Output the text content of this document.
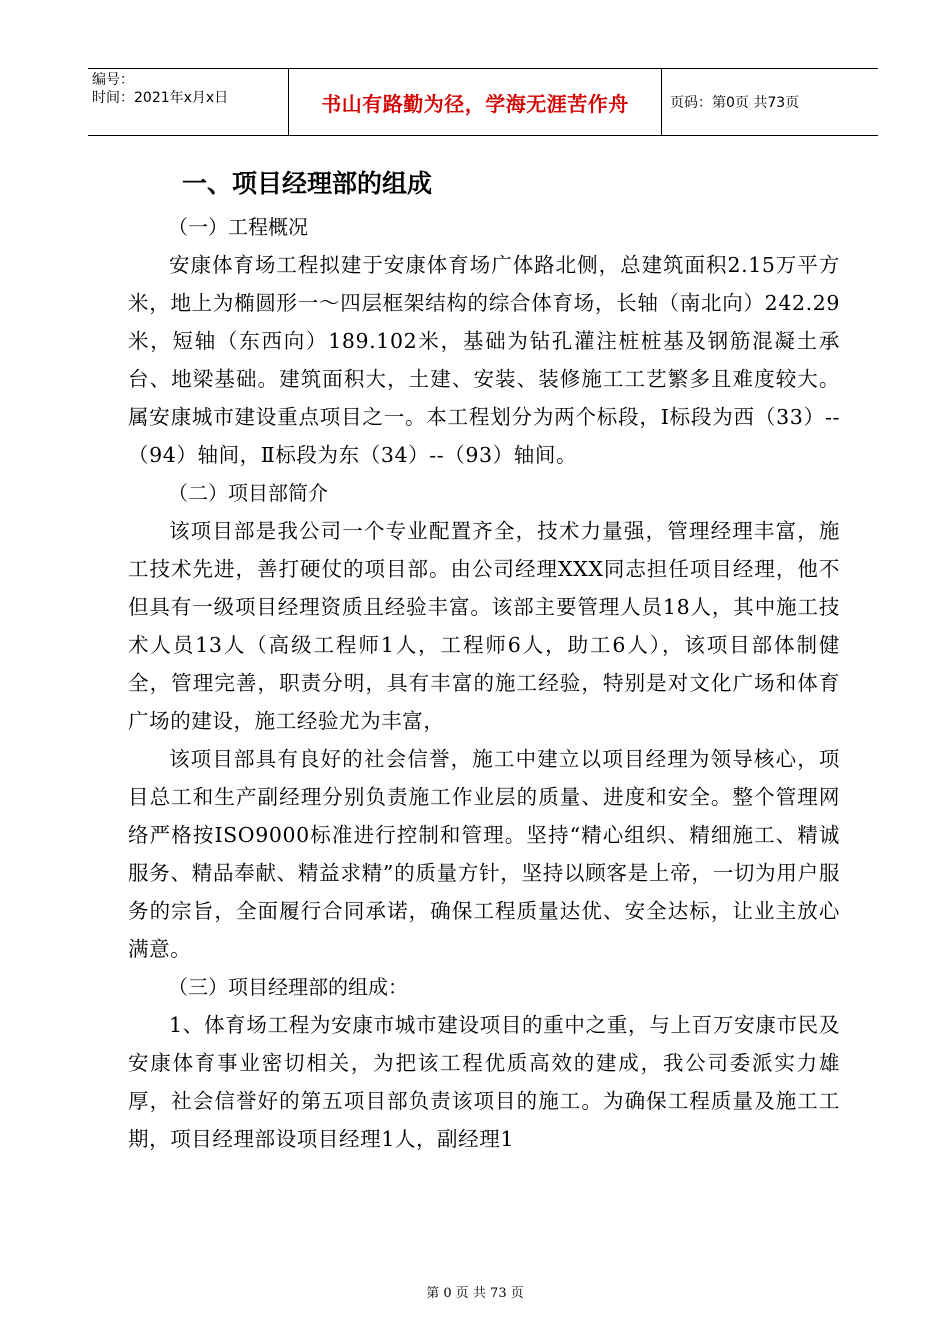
编号：
时间：2021年x月x日	书山有路勤为径，学海无涯苦作舟	页码：第0页 共73页
一、项目经理部的组成
（一）工程概况

安康体育场工程拟建于安康体育场广体路北侧，总建筑面积2.15万平方米，地上为椭圆形一～四层框架结构的综合体育场，长轴（南北向）242.29米，短轴（东西向）189.102米，基础为钻孔灌注桩桩基及钢筋混凝土承台、地梁基础。建筑面积大，土建、安装、装修施工工艺繁多且难度较大。属安康城市建设重点项目之一。本工程划分为两个标段，Ⅰ标段为西（33）--（94）轴间，Ⅱ标段为东（34）--（93）轴间。

（二）项目部简介

该项目部是我公司一个专业配置齐全，技术力量强，管理经理丰富，施工技术先进，善打硬仗的项目部。由公司经理XXX同志担任项目经理，他不但具有一级项目经理资质且经验丰富。该部主要管理人员18人，其中施工技术人员13人（高级工程师1人，工程师6人，助工6人），该项目部体制健全，管理完善，职责分明，具有丰富的施工经验，特别是对文化广场和体育广场的建设，施工经验尤为丰富，

该项目部具有良好的社会信誉，施工中建立以项目经理为领导核心，项目总工和生产副经理分别负责施工作业层的质量、进度和安全。整个管理网络严格按ISO9000标准进行控制和管理。坚持“精心组织、精细施工、精诚服务、精品奉献、精益求精”的质量方针，坚持以顾客是上帝，一切为用户服务的宗旨，全面履行合同承诺，确保工程质量达优、安全达标，让业主放心满意。

（三）项目经理部的组成：

1、体育场工程为安康市城市建设项目的重中之重，与上百万安康市民及安康体育事业密切相关，为把该工程优质高效的建成，我公司委派实力雄厚，社会信誉好的第五项目部负责该项目的施工。为确保工程质量及施工工期，项目经理部设项目经理1人，副经理1

第 0 页 共 73 页
